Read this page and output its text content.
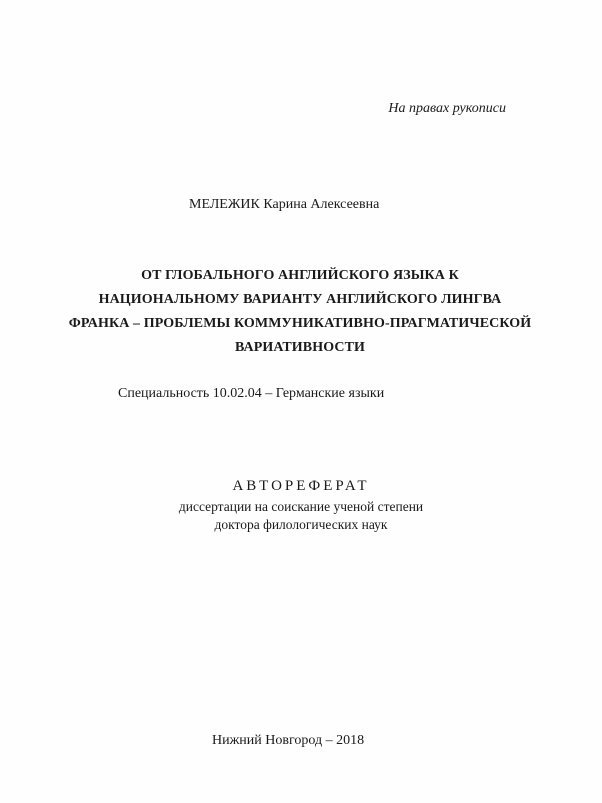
На правах рукописи
МЕЛЕЖИК Карина Алексеевна
ОТ ГЛОБАЛЬНОГО АНГЛИЙСКОГО ЯЗЫКА К
НАЦИОНАЛЬНОМУ ВАРИАНТУ АНГЛИЙСКОГО ЛИНГВА
ФРАНКА – ПРОБЛЕМЫ КОММУНИКАТИВНО-ПРАГМАТИЧЕСКОЙ
ВАРИАТИВНОСТИ
Специальность 10.02.04 – Германские языки
АВТОРЕФЕРАТ
диссертации на соискание ученой степени
доктора филологических наук
Нижний Новгород – 2018
